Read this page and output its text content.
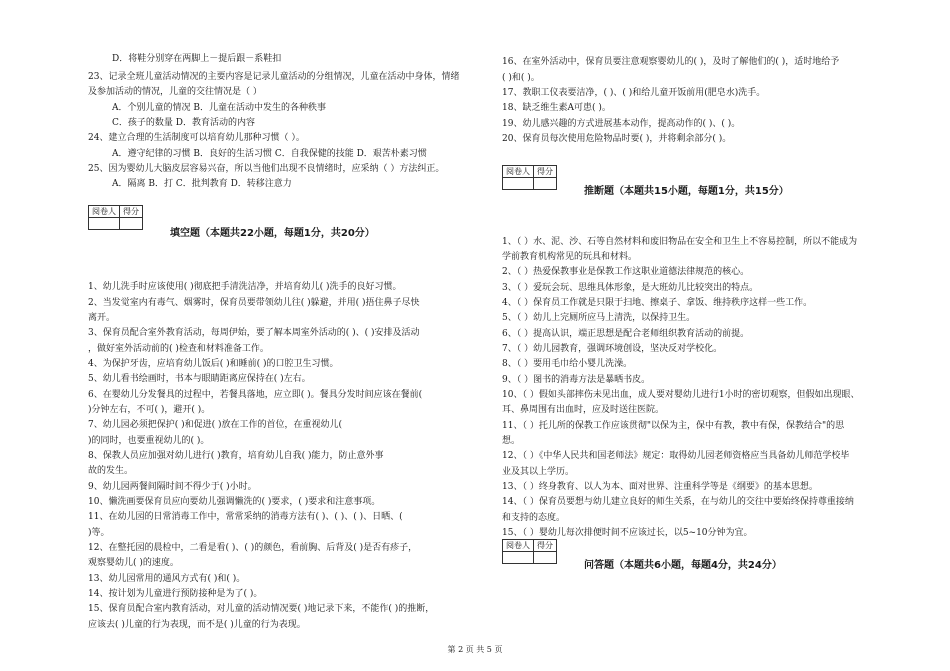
D．将鞋分别穿在两脚上－提后跟－系鞋扣
23、记录全班儿童活动情况的主要内容是记录儿童活动的分组情况，儿童在活动中身体，情绪
及参加活动的情况，儿童的交往情况是（ ）
A．个别儿童的情况 B．儿童在活动中发生的各种秩事
C．孩子的数量 D．教育活动的内容
24、建立合理的生活制度可以培育幼儿那种习惯（ ）。
A．遵守纪律的习惯 B．良好的生活习惯 C．自我保健的技能 D．艰苦朴素习惯
25、因为婴幼儿大脑皮层容易兴奋，所以当他们出现不良情绪时，应采纳（ ）方法纠正。
A．隔离 B．打 C．批判教育 D．转移注意力
阅卷人	得分

填空题（本题共22小题，每题1分，共20分）
1、幼儿洗手时应该使用( )彻底把手清洗洁净，并培育幼儿( )洗手的良好习惯。
2、当发觉室内有毒气、烟雾时，保育员要带领幼儿往( )躲避，并用( )捂住鼻子尽快
离开。
3、保育员配合室外教育活动，每周伊始，要了解本周室外活动的( )、( )安排及活动
，做好室外活动前的( )检查和材料准备工作。
4、为保护牙齿，应培育幼儿饭后( )和睡前( )的口腔卫生习惯。
5、幼儿看书绘画时，书本与眼睛距离应保持在( )左右。
6、在婴幼儿分发餐具的过程中，若餐具落地，应立即( )。餐具分发时间应该在餐前(
)分钟左右，不可( )，避开( )。
7、幼儿园必须把保护( )和促进( )放在工作的首位，在重视幼儿(
)的同时，也要重视幼儿的( )。
8、保教人员应加强对幼儿进行( )教育，培育幼儿自我( )能力，防止意外事
故的发生。
9、幼儿园两餐间隔时间不得少于( )小时。
10、懒洗画要保育员应向要幼儿强调懒洗的( )要求，( )要求和注意事项。
11、在幼儿园的日常消毒工作中，常常采纳的消毒方法有( )、( )、( )、日晒、(
)等。
12、在整托园的晨检中，二看是看( )、( )的颜色，看前胸、后背及( )是否有疹子，
观察婴幼儿( )的速度。
13、幼儿园常用的通风方式有( )和( )。
14、按计划为儿童进行预防接种是为了( )。
15、保育员配合室内教育活动，对儿童的活动情况要( )地记录下来，不能作( )的推断，
应该去( )儿童的行为表现，而不是( )儿童的行为表现。
16、在室外活动中，保育员要注意观察婴幼儿的( )，及时了解他们的( )，适时地给予
( )和( )。
17、教职工仪表要洁净，( )、( )和给儿童开饭前用(肥皂水)洗手。
18、缺乏维生素A可患( )。
19、幼儿感兴趣的方式进展基本动作，提高动作的( )、( )。
20、保育员每次使用危险物品时要( )，并将剩余部分( )。
阅卷人	得分

推断题（本题共15小题，每题1分，共15分）
1、（ ）水、泥、沙、石等自然材料和废旧物品在安全和卫生上不容易控制，所以不能成为
学前教育机构常见的玩具和材料。
2、（ ）热爱保教事业是保教工作这职业道德法律规范的核心。
3、（ ）爱玩会玩、思维具体形象，是大班幼儿比较突出的特点。
4、（ ）保育员工作就是只限于扫地、擦桌子、拿饭、维持秩序这样一些工作。
5、（ ）幼儿上完厕所应马上清洗，以保持卫生。
6、（ ）提高认识，端正思想是配合老师组织教育活动的前提。
7、（ ）幼儿园教育，强调环境创设，坚决反对学校化。
8、（ ）要用毛巾给小婴儿洗澡。
9、（ ）图书的消毒方法是暴晒书皮。
10、（ ）假如头部摔伤未见出血，成人要对婴幼儿进行1小时的密切观察，但假如出现眼、
耳、鼻周围有出血时，应及时送往医院。
11、（ ）托儿所的保教工作应该贯彻"以保为主，保中有教，教中有保，保教结合"的思
想。
12、（ ）《中华人民共和国老师法》规定：取得幼儿园老师资格应当具备幼儿师范学校毕
业及其以上学历。
13、（ ）终身教育、以人为本、面对世界、注重科学等是《纲要》的基本思想。
14、（ ）保育员要想与幼儿建立良好的师生关系，在与幼儿的交往中要始终保持尊重接纳
和支持的态度。
15、（ ）婴幼儿每次排便时间不应该过长，以5~10分钟为宜。
阅卷人	得分

问答题（本题共6小题，每题4分，共24分）
第 2 页 共 5 页
